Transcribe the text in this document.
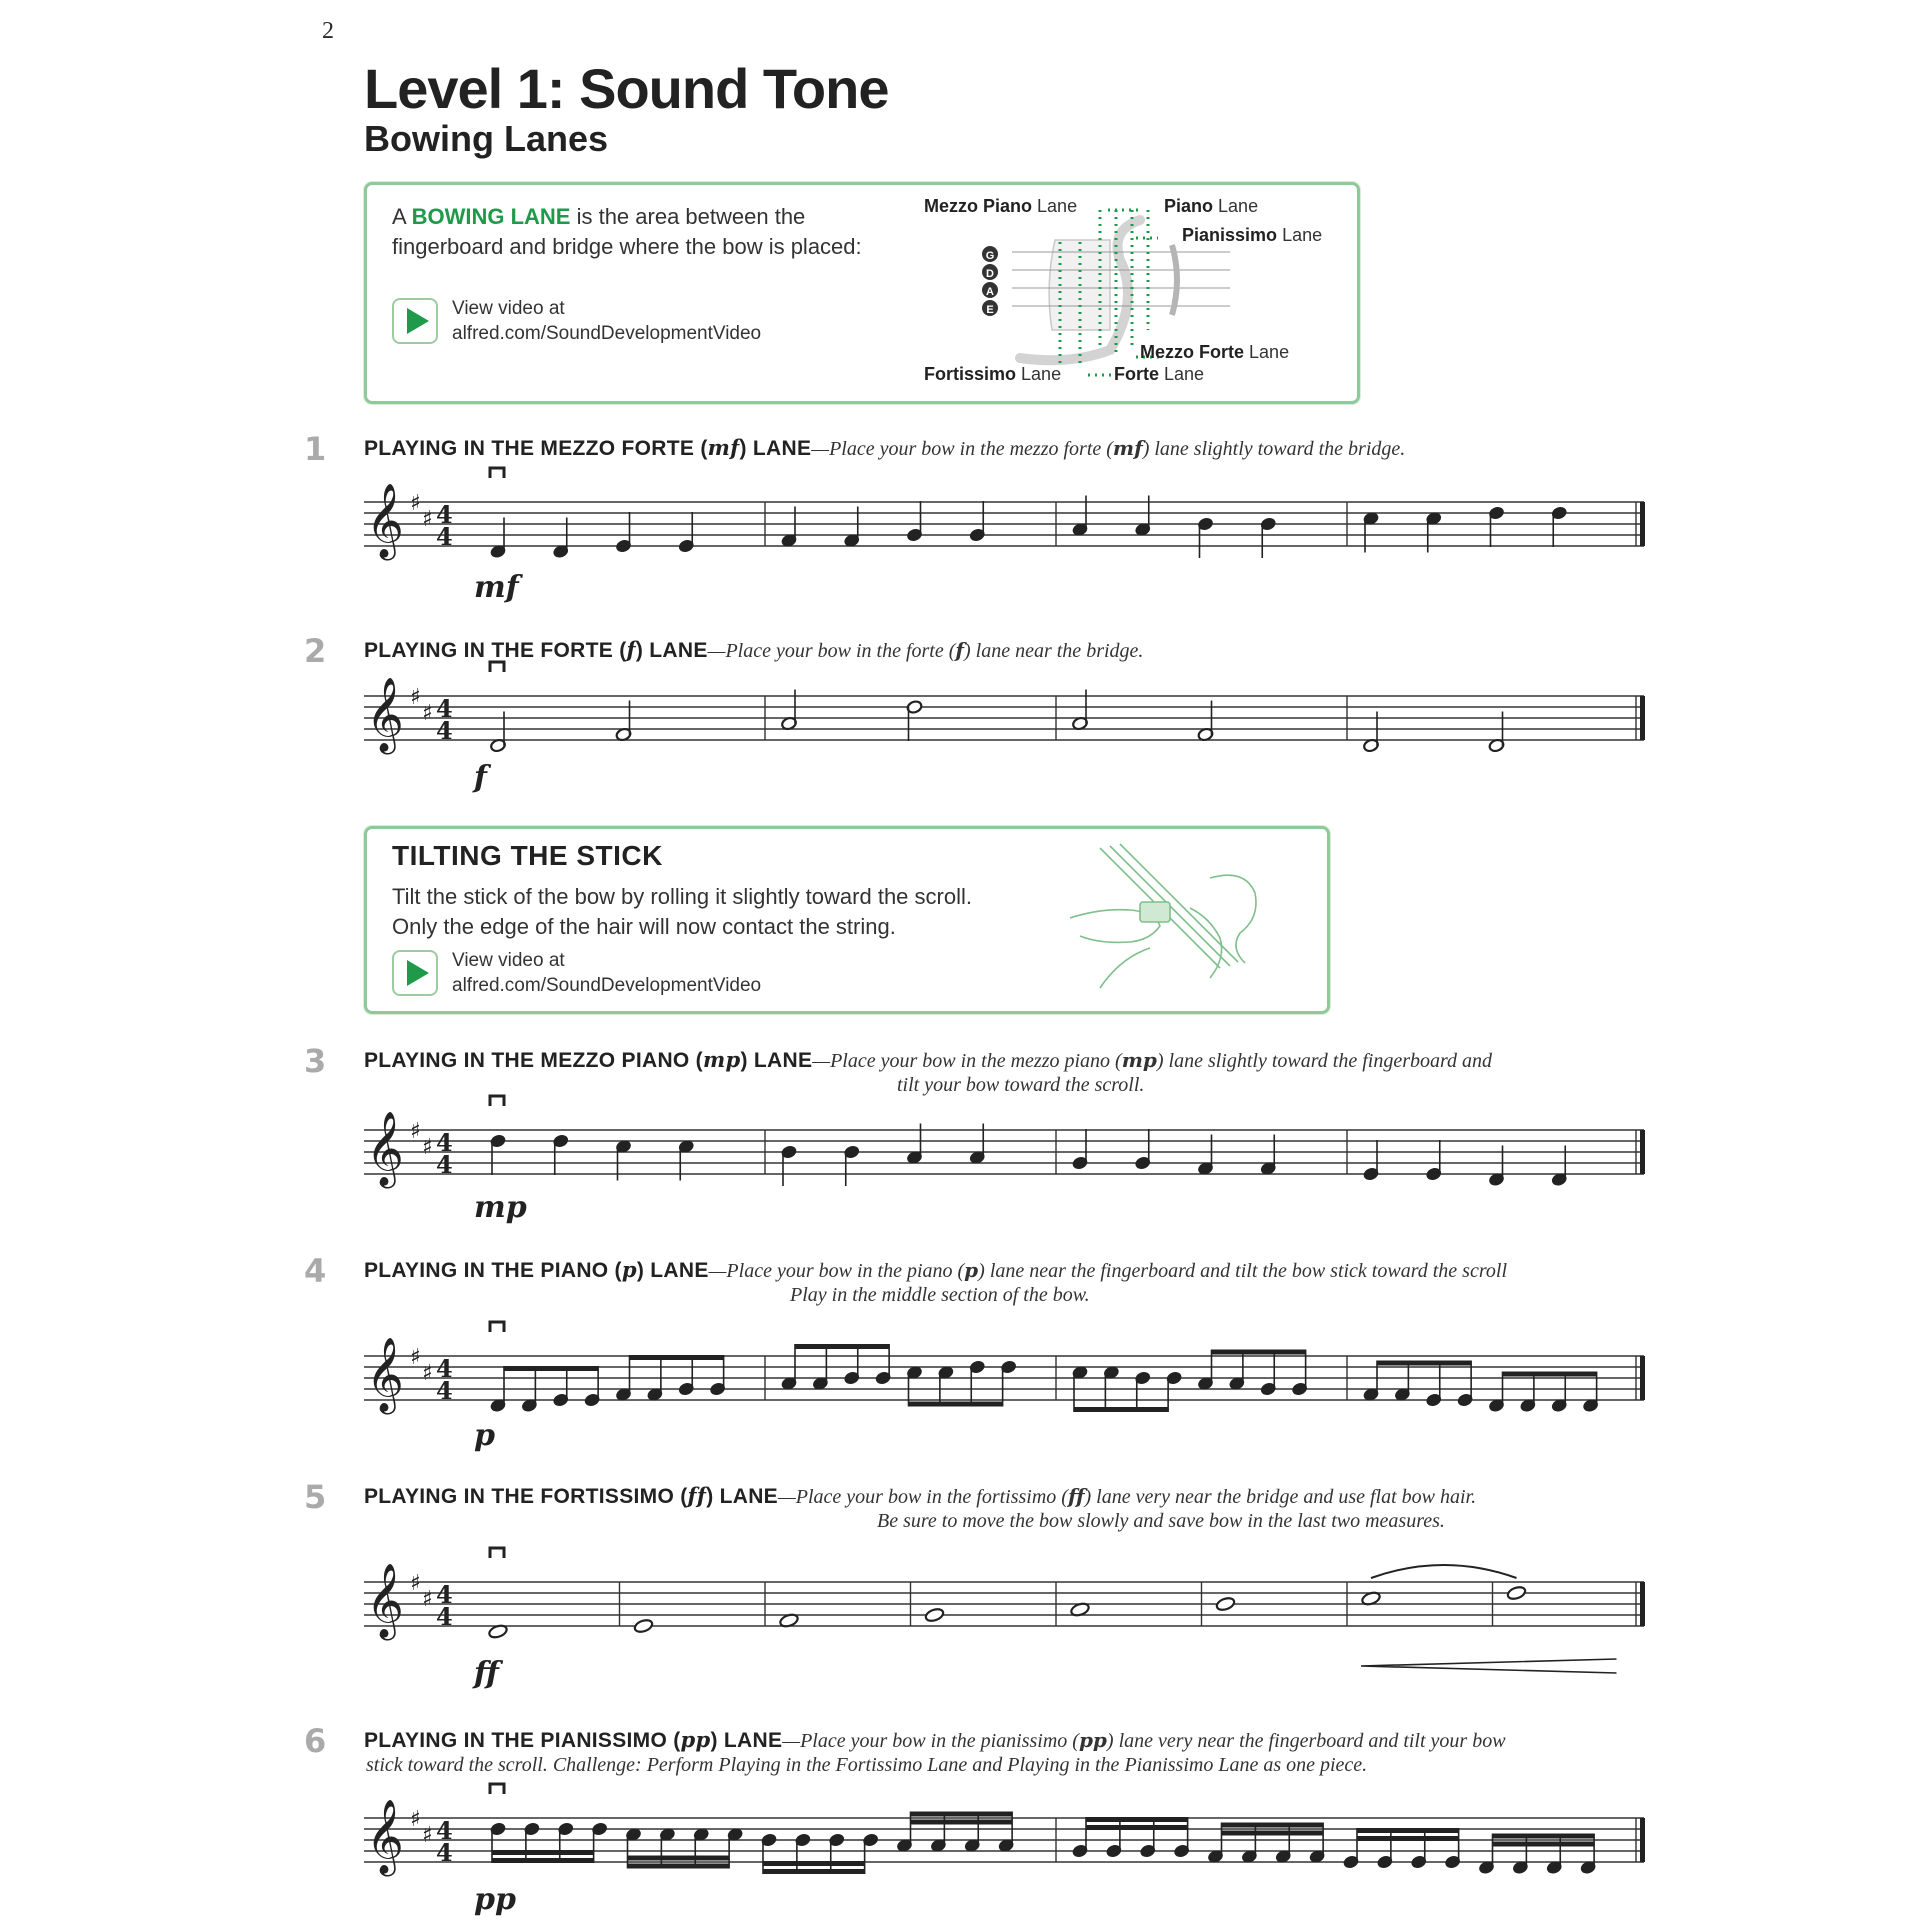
2
Level 1: Sound Tone
Bowing Lanes
A BOWING LANE is the area between the
fingerboard and bridge where the bow is placed:
View video at
alfred.com/SoundDevelopmentVideo
G
D
A
E
Mezzo Piano Lane	Piano Lane
Pianissimo Lane
Mezzo Forte Lane
Fortissimo Lane	Forte Lane
TILTING THE STICK
Tilt the stick of the bow by rolling it slightly toward the scroll.
Only the edge of the hair will now contact the string.
View video at
alfred.com/SoundDevelopmentVideo
1 PLAYING IN THE MEZZO FORTE (mf) LANE—Place your bow in the mezzo forte (mf) lane slightly toward the bridge.
mf
2 PLAYING IN THE FORTE (f) LANE—Place your bow in the forte (f) lane near the bridge.
f
3 PLAYING IN THE MEZZO PIANO (mp) LANE—Place your bow in the mezzo piano (mp) lane slightly toward the fingerboard and
tilt your bow toward the scroll.
mp
4 PLAYING IN THE PIANO (p) LANE—Place your bow in the piano (p) lane near the fingerboard and tilt the bow stick toward the scroll
Play in the middle section of the bow.
p
5 PLAYING IN THE FORTISSIMO (ff) LANE—Place your bow in the fortissimo (ff) lane very near the bridge and use flat bow hair.
Be sure to move the bow slowly and save bow in the last two measures.
ff
6 PLAYING IN THE PIANISSIMO (pp) LANE—Place your bow in the pianissimo (pp) lane very near the fingerboard and tilt your bow
stick toward the scroll. Challenge: Perform Playing in the Fortissimo Lane and Playing in the Pianissimo Lane as one piece.
pp
𝄞 ♯
♯ 4
4
𝄞 ♯
♯ 4
4
𝄞 ♯
♯ 4
4
𝄞 ♯
♯ 4
4
𝄞 ♯
♯ 4
4
𝄞 ♯
♯ 4
4
